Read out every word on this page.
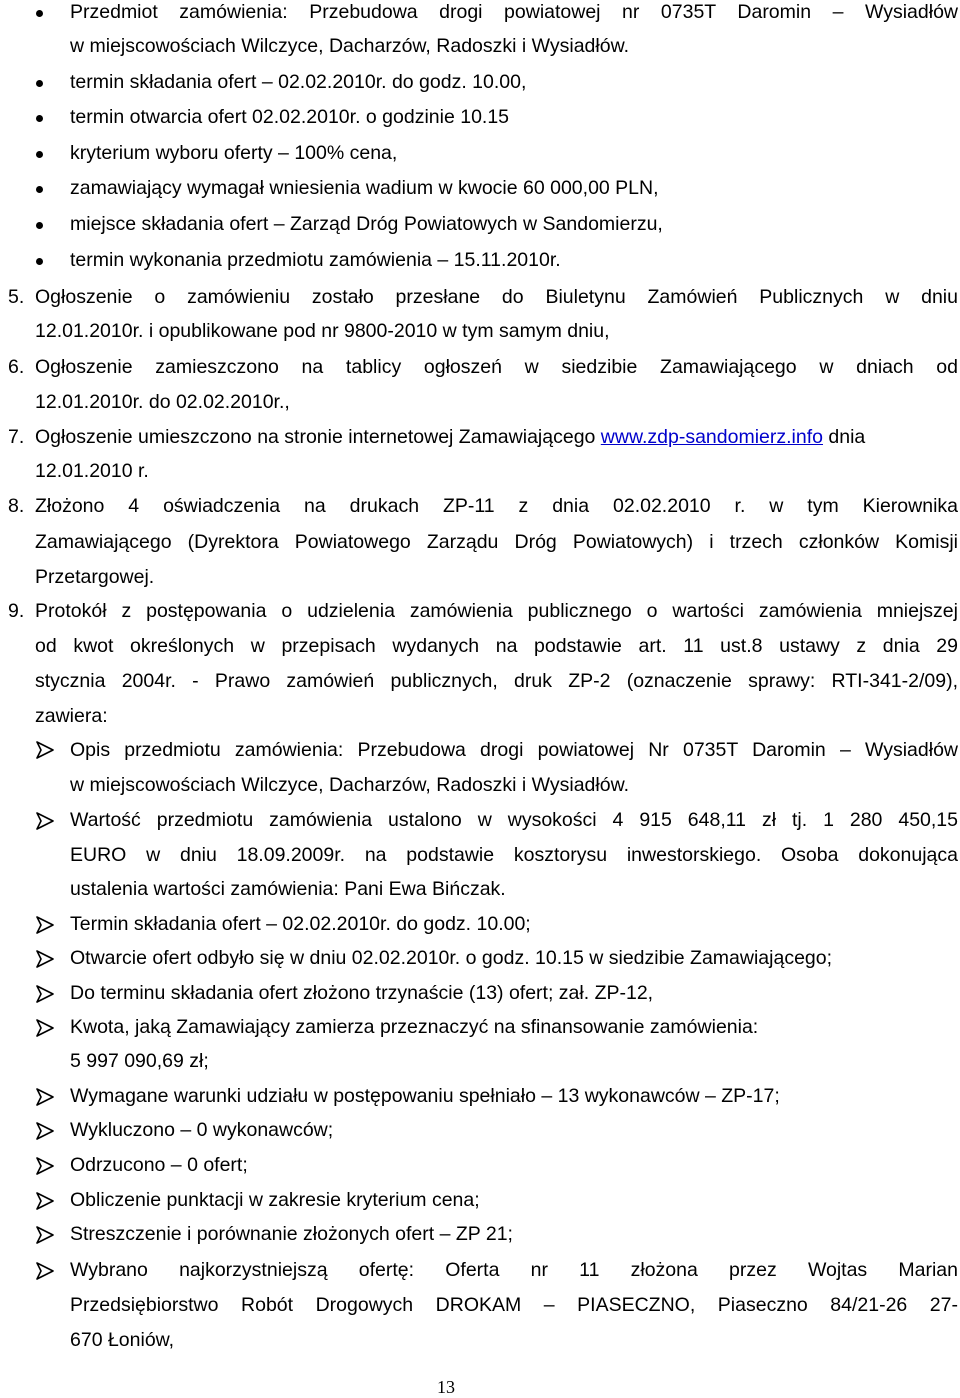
Przedmiot zamówienia: Przebudowa drogi powiatowej nr 0735T Daromin – Wysiadłów

w miejscowościach Wilczyce, Dacharzów, Radoszki i Wysiadłów.

termin składania ofert – 02.02.2010r. do godz. 10.00,

termin otwarcia ofert 02.02.2010r. o godzinie 10.15

kryterium wyboru oferty – 100% cena,

zamawiający wymagał wniesienia wadium w kwocie 60 000,00 PLN,

miejsce składania ofert – Zarząd Dróg Powiatowych w Sandomierzu,

termin wykonania przedmiotu zamówienia – 15.11.2010r.

5. Ogłoszenie o zamówieniu zostało przesłane do Biuletynu Zamówień Publicznych w dniu

12.01.2010r. i opublikowane pod nr 9800-2010 w tym samym dniu,

6. Ogłoszenie zamieszczono na tablicy ogłoszeń w siedzibie Zamawiającego w dniach od

12.01.2010r. do 02.02.2010r.,

7. Ogłoszenie umieszczono na stronie internetowej Zamawiającego www.zdp-sandomierz.info dnia

12.01.2010 r.

8. Złożono 4 oświadczenia na drukach ZP-11 z dnia 02.02.2010 r. w tym Kierownika

Zamawiającego (Dyrektora Powiatowego Zarządu Dróg Powiatowych) i trzech członków Komisji

Przetargowej.

9. Protokół z postępowania o udzielenia zamówienia publicznego o wartości zamówienia mniejszej

od kwot określonych w przepisach wydanych na podstawie art. 11 ust.8 ustawy z dnia 29

stycznia 2004r. - Prawo zamówień publicznych, druk ZP-2 (oznaczenie sprawy: RTI-341-2/09),

zawiera:

Opis przedmiotu zamówienia: Przebudowa drogi powiatowej Nr 0735T Daromin – Wysiadłów

w miejscowościach Wilczyce, Dacharzów, Radoszki i Wysiadłów.

Wartość przedmiotu zamówienia ustalono w wysokości 4 915 648,11 zł tj. 1 280 450,15

EURO w dniu 18.09.2009r. na podstawie kosztorysu inwestorskiego. Osoba dokonująca

ustalenia wartości zamówienia: Pani Ewa Bińczak.

Termin składania ofert – 02.02.2010r. do godz. 10.00;

Otwarcie ofert odbyło się w dniu 02.02.2010r. o godz. 10.15 w siedzibie Zamawiającego;

Do terminu składania ofert złożono trzynaście (13) ofert; zał. ZP-12,

Kwota, jaką Zamawiający zamierza przeznaczyć na sfinansowanie zamówienia:

5 997 090,69 zł;

Wymagane warunki udziału w postępowaniu spełniało – 13 wykonawców – ZP-17;

Wykluczono – 0 wykonawców;

Odrzucono – 0 ofert;

Obliczenie punktacji w zakresie kryterium cena;

Streszczenie i porównanie złożonych ofert – ZP 21;

Wybrano najkorzystniejszą ofertę: Oferta nr 11 złożona przez Wojtas Marian

Przedsiębiorstwo Robót Drogowych DROKAM – PIASECZNO, Piaseczno 84/21-26 27-

670 Łoniów,

13
